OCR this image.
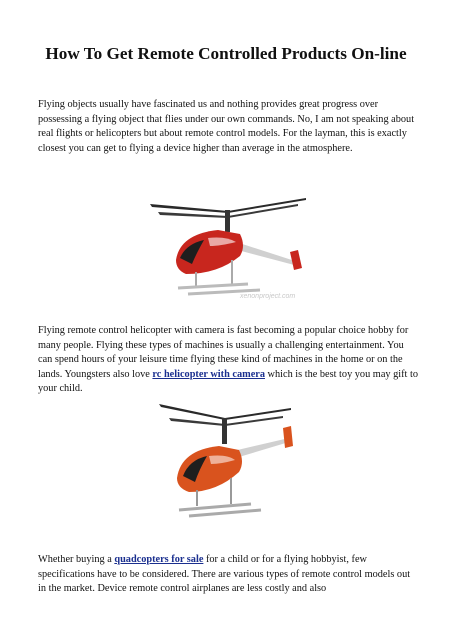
How To Get Remote Controlled Products On-line

Flying objects usually have fascinated us and nothing provides great progress over possessing a flying object that flies under our own commands. No, I am not speaking about real flights or helicopters but about remote control models. For the layman, this is exactly closest you can get to flying a device higher than average in the atmosphere.

xenonproject.com

Flying remote control helicopter with camera is fast becoming a popular choice hobby for many people. Flying these types of machines is usually a challenging entertainment. You can spend hours of your leisure time flying these kind of machines in the home or on the lands. Youngsters also love rc helicopter with camera which is the best toy you may gift to your child.

Whether buying a quadcopters for sale for a child or for a flying hobbyist, few specifications have to be considered. There are various types of remote control models out in the market. Device remote control airplanes are less costly and also
